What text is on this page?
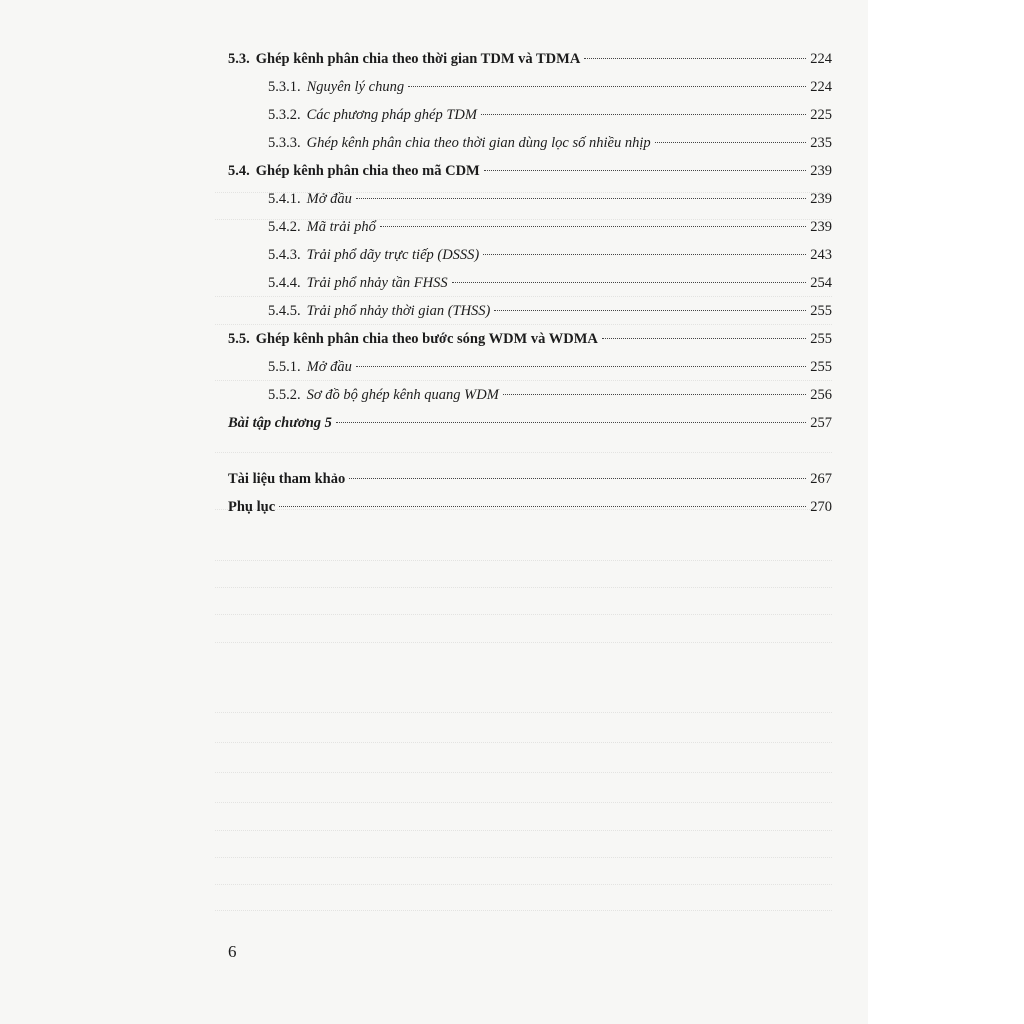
5.3. Ghép kênh phân chia theo thời gian TDM và TDMA	224
5.3.1. Nguyên lý chung	224
5.3.2. Các phương pháp ghép TDM	225
5.3.3. Ghép kênh phân chia theo thời gian dùng lọc số nhiều nhịp	235
5.4. Ghép kênh phân chia theo mã CDM	239
5.4.1. Mở đầu	239
5.4.2. Mã trải phổ	239
5.4.3. Trải phổ dãy trực tiếp (DSSS)	243
5.4.4. Trải phổ nhảy tần FHSS	254
5.4.5. Trải phổ nhảy thời gian (THSS)	255
5.5. Ghép kênh phân chia theo bước sóng WDM và WDMA	255
5.5.1. Mở đầu	255
5.5.2. Sơ đồ bộ ghép kênh quang WDM	256
Bài tập chương 5	257
Tài liệu tham khảo	267
Phụ lục	270
6
